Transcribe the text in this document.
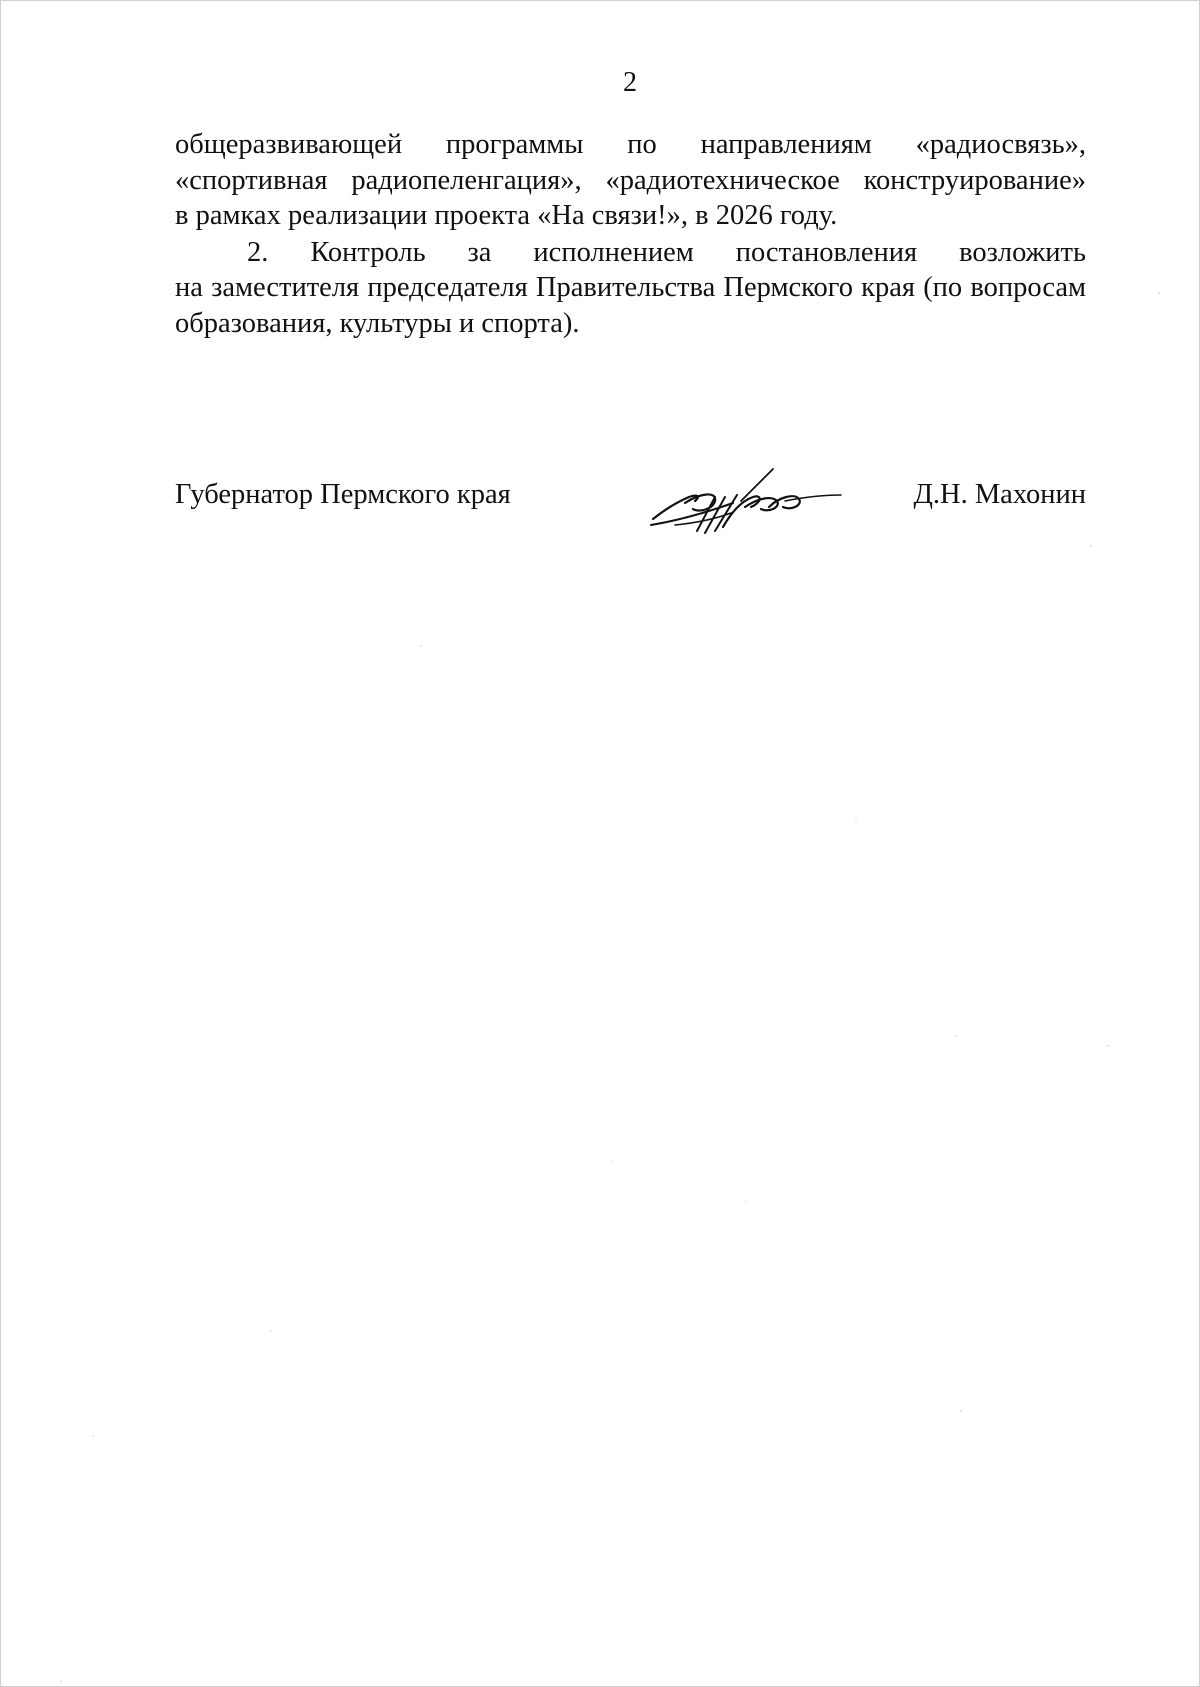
2

общеразвивающей программы по направлениям «радиосвязь»,
«спортивная радиопеленгация», «радиотехническое конструирование»
в рамках реализации проекта «На связи!», в 2026 году.

2. Контроль за исполнением постановления возложить
на заместителя председателя Правительства Пермского края (по вопросам
образования, культуры и спорта).

Губернатор Пермского края	Д.Н. Махонин
